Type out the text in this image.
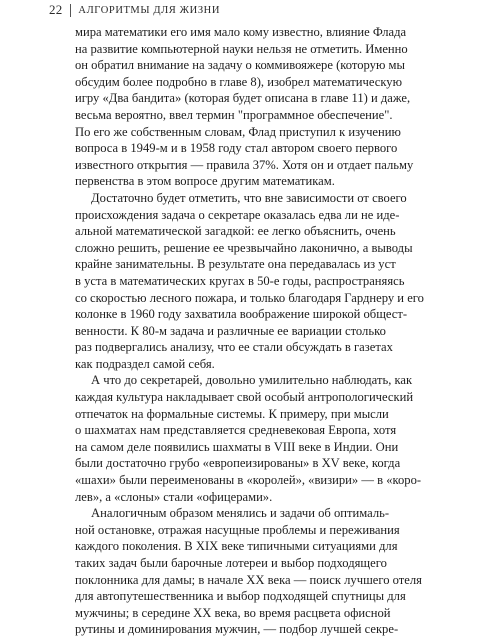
22 АЛГОРИТМЫ ДЛЯ ЖИЗНИ
мира математики его имя мало кому известно, влияние Флада
на развитие компьютерной науки нельзя не отметить. Именно
он обратил внимание на задачу о коммивояжере (которую мы
обсудим более подробно в главе 8), изобрел математическую
игру «Два бандита» (которая будет описана в главе 11) и даже,
весьма вероятно, ввел термин "программное обеспечение".
По его же собственным словам, Флад приступил к изучению
вопроса в 1949-м и в 1958 году стал автором своего первого
известного открытия — правила 37%. Хотя он и отдает пальму
первенства в этом вопросе другим математикам.
Достаточно будет отметить, что вне зависимости от своего
происхождения задача о секретаре оказалась едва ли не иде-
альной математической загадкой: ее легко объяснить, очень
сложно решить, решение ее чрезвычайно лаконично, а выводы
крайне занимательны. В результате она передавалась из уст
в уста в математических кругах в 50-е годы, распространяясь
со скоростью лесного пожара, и только благодаря Гарднеру и его
колонке в 1960 году захватила воображение широкой общест-
венности. К 80-м задача и различные ее вариации столько
раз подвергались анализу, что ее стали обсуждать в газетах
как подраздел самой себя.
А что до секретарей, довольно умилительно наблюдать, как
каждая культура накладывает свой особый антропологический
отпечаток на формальные системы. К примеру, при мысли
о шахматах нам представляется средневековая Европа, хотя
на самом деле появились шахматы в VIII веке в Индии. Они
были достаточно грубо «европеизированы» в XV веке, когда
«шахи» были переименованы в «королей», «визири» — в «коро-
лев», а «слоны» стали «офицерами».
Аналогичным образом менялись и задачи об оптималь-
ной остановке, отражая насущные проблемы и переживания
каждого поколения. В XIX веке типичными ситуациями для
таких задач были барочные лотереи и выбор подходящего
поклонника для дамы; в начале XX века — поиск лучшего отеля
для автопутешественника и выбор подходящей спутницы для
мужчины; в середине XX века, во время расцвета офисной
рутины и доминирования мужчин, — подбор лучшей секре-
